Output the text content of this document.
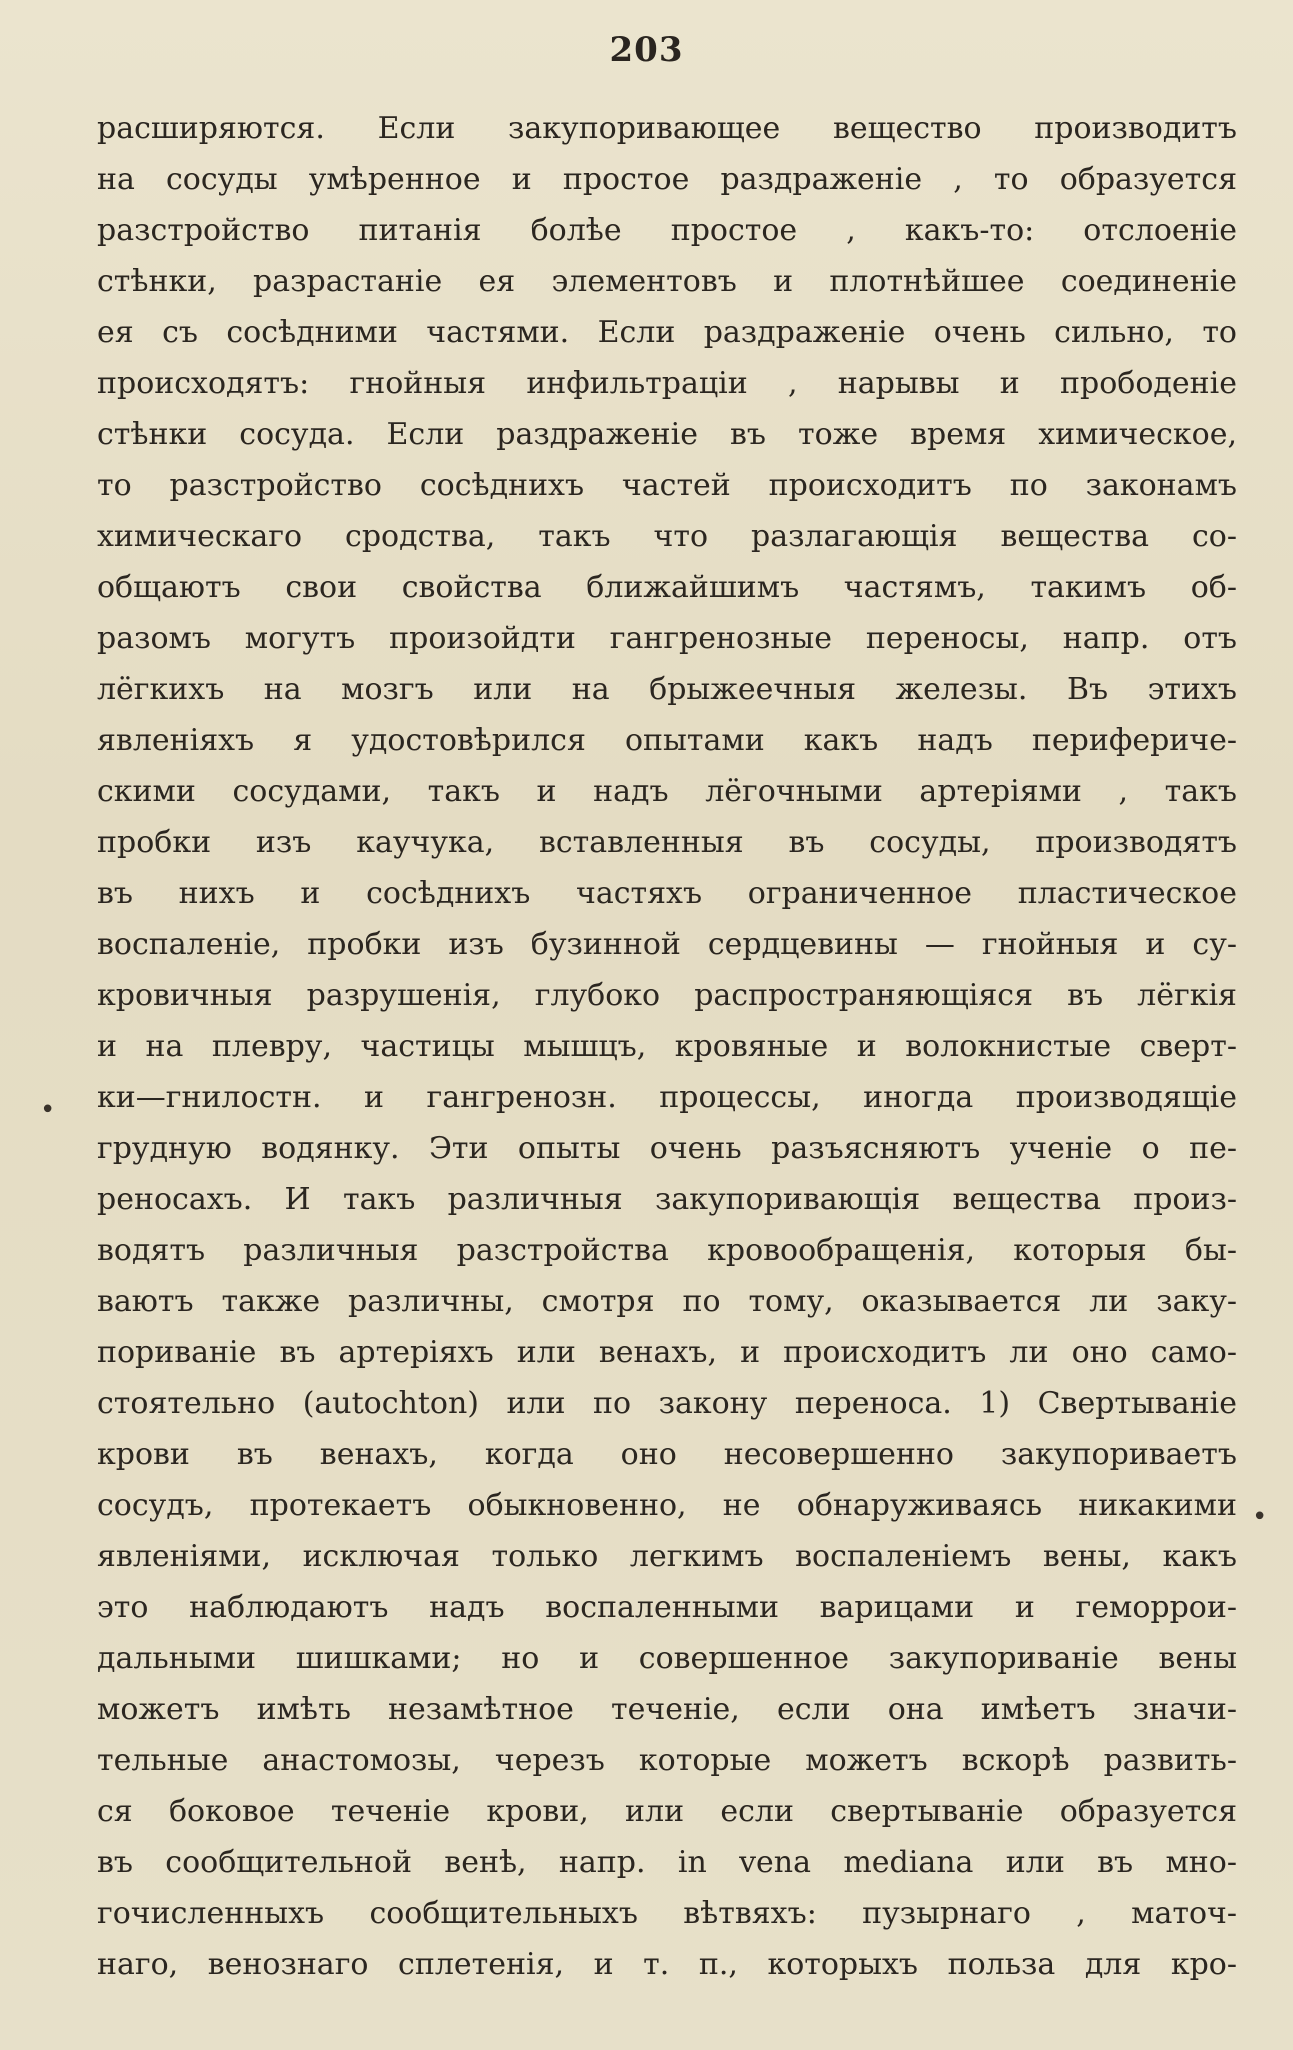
203
расширяются. Если закупоривающее вещество производитъ
на сосуды умѣренное и простое раздраженіе , то образуется
разстройство питанія болѣе простое , какъ-то: отслоеніе
стѣнки, разрастаніе ея элементовъ и плотнѣйшее соединеніе
ея съ сосѣдними частями. Если раздраженіе очень сильно, то
происходятъ: гнойныя инфильтраціи , нарывы и прободеніе
стѣнки сосуда. Если раздраженіе въ тоже время химическое,
то разстройство сосѣднихъ частей происходитъ по законамъ
химическаго сродства, такъ что разлагающія вещества со-
общаютъ свои свойства ближайшимъ частямъ, такимъ об-
разомъ могутъ произойдти гангренозные переносы, напр. отъ
лёгкихъ на мозгъ или на брыжеечныя железы. Въ этихъ
явленіяхъ я удостовѣрился опытами какъ надъ перифериче-
скими сосудами, такъ и надъ лёгочными артеріями , такъ
пробки изъ каучука, вставленныя въ сосуды, производятъ
въ нихъ и сосѣднихъ частяхъ ограниченное пластическое
воспаленіе, пробки изъ бузинной сердцевины — гнойныя и су-
кровичныя разрушенія, глубоко распространяющіяся въ лёгкія
и на плевру, частицы мышцъ, кровяные и волокнистые сверт-
ки—гнилостн. и гангренозн. процессы, иногда производящіе
грудную водянку. Эти опыты очень разъясняютъ ученіе о пе-
реносахъ. И такъ различныя закупоривающія вещества произ-
водятъ различныя разстройства кровообращенія, которыя бы-
ваютъ также различны, смотря по тому, оказывается ли заку-
пориваніе въ артеріяхъ или венахъ, и происходитъ ли оно само-
стоятельно (autochton) или по закону переноса. 1) Свертываніе
крови въ венахъ, когда оно несовершенно закупориваетъ
сосудъ, протекаетъ обыкновенно, не обнаруживаясь никакими
явленіями, исключая только легкимъ воспаленіемъ вены, какъ
это наблюдаютъ надъ воспаленными варицами и геморрои-
дальными шишками; но и совершенное закупориваніе вены
можетъ имѣть незамѣтное теченіе, если она имѣетъ значи-
тельные анастомозы, черезъ которые можетъ вскорѣ развить-
ся боковое теченіе крови, или если свертываніе образуется
въ сообщительной венѣ, напр. in vena mediana или въ мно-
гочисленныхъ сообщительныхъ вѣтвяхъ: пузырнаго , маточ-
наго, венознаго сплетенія, и т. п., которыхъ польза для кро-
•
•
